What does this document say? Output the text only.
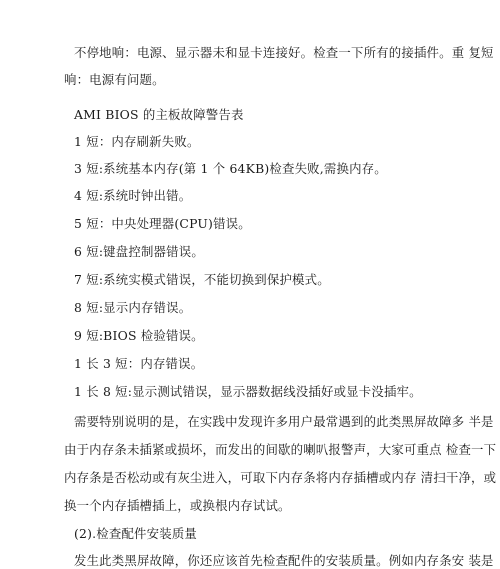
不停地响：电源、显示器未和显卡连接好。检查一下所有的接插件。重 复短
响：电源有问题。
AMI BIOS 的主板故障警告表
1 短：内存刷新失败。
3 短:系统基本内存(第 1 个 64KB)检查失败,需换内存。
4 短:系统时钟出错。
5 短：中央处理器(CPU)错误。
6 短:键盘控制器错误。
7 短:系统实模式错误，不能切换到保护模式。
8 短:显示内存错误。
9 短:BIOS 检验错误。
1 长 3 短：内存错误。
1 长 8 短:显示测试错误，显示器数据线没插好或显卡没插牢。
需要特别说明的是，在实践中发现许多用户最常遇到的此类黑屏故障多 半是
由于内存条未插紧或损坏，而发出的间歇的喇叭报警声，大家可重点 检查一下
内存条是否松动或有灰尘进入，可取下内存条将内存插槽或内存 清扫干净，或
换一个内存插槽插上，或换根内存试试。
(2).检查配件安装质量
发生此类黑屏故障，你还应该首先检查配件的安装质量。例如内存条安 装是
